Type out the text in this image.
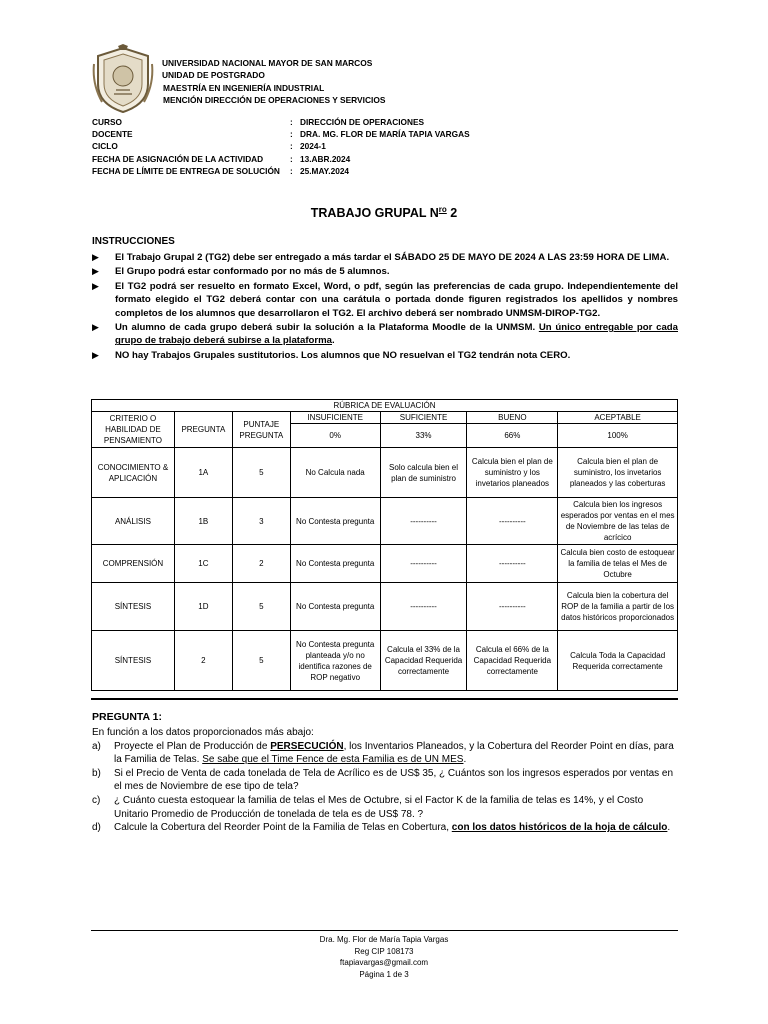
UNIVERSIDAD NACIONAL MAYOR DE SAN MARCOS
UNIDAD DE POSTGRADO
MAESTRÍA EN INGENIERÍA INDUSTRIAL
MENCIÓN DIRECCIÓN DE OPERACIONES Y SERVICIOS
CURSO	: DIRECCIÓN DE OPERACIONES
DOCENTE	: DRA. MG. FLOR DE MARÍA TAPIA VARGAS
CICLO	: 2024-1
FECHA DE ASIGNACIÓN DE LA ACTIVIDAD	: 13.ABR.2024
FECHA DE LÍMITE DE ENTREGA DE SOLUCIÓN	: 25.MAY.2024
TRABAJO GRUPAL $N^{ro}$ 2
INSTRUCCIONES
▶	El Trabajo Grupal 2 (TG2) debe ser entregado a más tardar el SÁBADO 25 DE MAYO DE 2024 A LAS 23:59 HORA DE LIMA.
▶	El Grupo podrá estar conformado por no más de 5 alumnos.
▶	El TG2 podrá ser resuelto en formato Excel, Word, o pdf, según las preferencias de cada grupo. Independientemente del formato elegido el TG2 deberá contar con una carátula o portada donde figuren registrados los apellidos y nombres completos de los alumnos que desarrollaron el TG2. El archivo deberá ser nombrado UNMSM-DIROP-TG2.
▶	Un alumno de cada grupo deberá subir la solución a la Plataforma Moodle de la UNMSM. Un único entregable por cada grupo de trabajo deberá subirse a la plataforma.
▶	NO hay Trabajos Grupales sustitutorios. Los alumnos que NO resuelvan el TG2 tendrán nota CERO.
RÚBRICA DE EVALUACIÓN						
CRITERIO O HABILIDAD DE PENSAMIENTO	PREGUNTA	PUNTAJE PREGUNTA	INSUFICIENTE	SUFICIENTE	BUENO	ACEPTABLE
			0%	33%	66%	100%
CONOCIMIENTO & APLICACIÓN	1A	5	No Calcula nada	Solo calcula bien el plan de suministro	Calcula bien el plan de suministro y los invetarios planeados	Calcula bien el plan de suministro, los invetarios planeados y las coberturas
ANÁLISIS	1B	3	No Contesta pregunta	----------	----------	Calcula bien los ingresos esperados por ventas en el mes de Noviembre de las telas de acrícico
COMPRENSIÓN	1C	2	No Contesta pregunta	----------	----------	Calcula bien costo de estoquear la familia de telas el Mes de Octubre
SÍNTESIS	1D	5	No Contesta pregunta	----------	----------	Calcula bien la cobertura del ROP de la familia a partir de los datos históricos proporcionados
SÍNTESIS	2	5	No Contesta pregunta planteada y/o no identifica razones de ROP negativo	Calcula el 33% de la Capacidad Requerida correctamente	Calcula el 66% de la Capacidad Requerida correctamente	Calcula Toda la Capacidad Requerida correctamente
PREGUNTA 1:
En función a los datos proporcionados más abajo:
a)	Proyecte el Plan de Producción de PERSECUCIÓN, los Inventarios Planeados, y la Cobertura del Reorder Point en días, para la Familia de Telas. Se sabe que el Time Fence de esta Familia es de UN MES.
b)	Si el Precio de Venta de cada tonelada de Tela de Acrílico es de US$ 35, ¿ Cuántos son los ingresos esperados por ventas en el mes de Noviembre de ese tipo de tela?
c)	¿ Cuánto cuesta estoquear la familia de telas el Mes de Octubre, si el Factor K de la familia de telas es 14%, y el Costo Unitario Promedio de Producción de tonelada de tela es de US$ 78. ?
d)	Calcule la Cobertura del Reorder Point de la Familia de Telas en Cobertura, con los datos históricos de la hoja de cálculo.
Dra. Mg. Flor de María Tapia Vargas
Reg CIP 108173
ftapiavargas@gmail.com
Página 1 de 3
